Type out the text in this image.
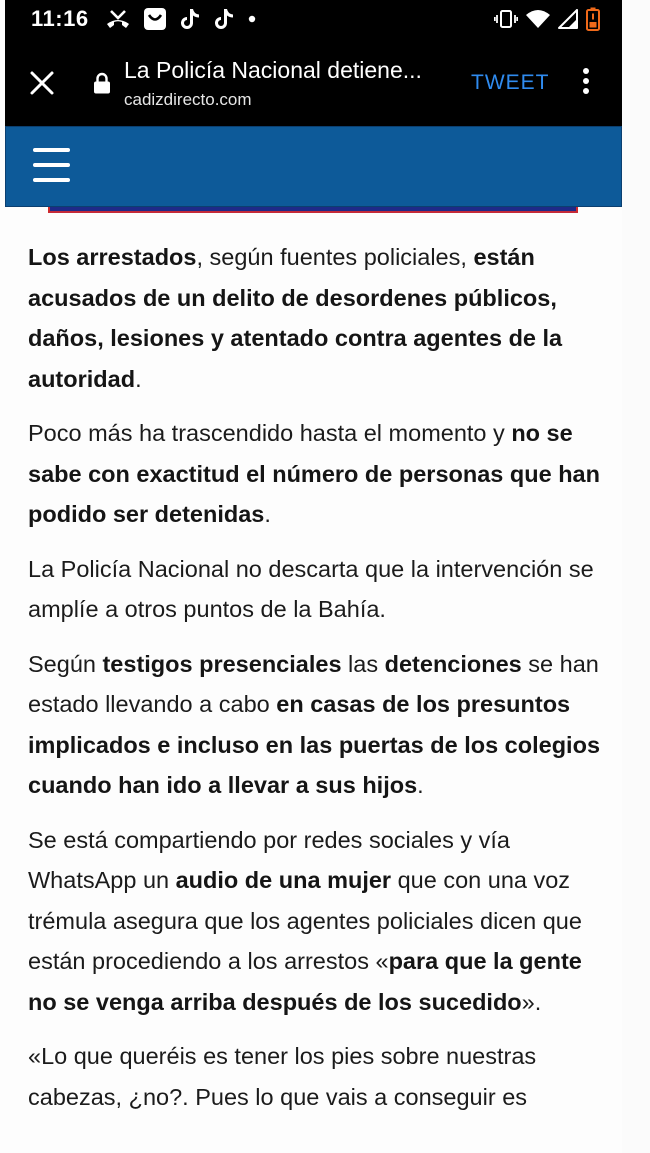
11:16
La Policía Nacional detiene...
cadizdirecto.com
TWEET

Los arrestados, según fuentes policiales, están acusados de un delito de desordenes públicos, daños, lesiones y atentado contra agentes de la autoridad.

Poco más ha trascendido hasta el momento y no se sabe con exactitud el número de personas que han podido ser detenidas.

La Policía Nacional no descarta que la intervención se amplíe a otros puntos de la Bahía.

Según testigos presenciales las detenciones se han estado llevando a cabo en casas de los presuntos implicados e incluso en las puertas de los colegios cuando han ido a llevar a sus hijos.

Se está compartiendo por redes sociales y vía WhatsApp un audio de una mujer que con una voz trémula asegura que los agentes policiales dicen que están procediendo a los arrestos «para que la gente no se venga arriba después de los sucedido».

«Lo que queréis es tener los pies sobre nuestras cabezas, ¿no?. Pues lo que vais a conseguir es
